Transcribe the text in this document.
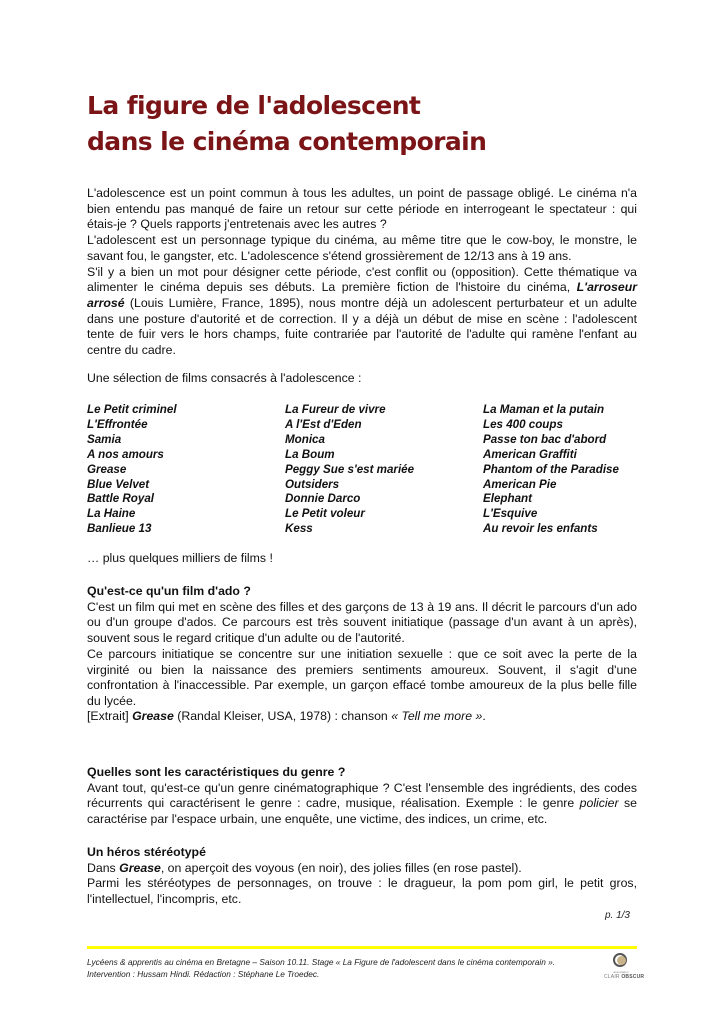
La figure de l'adolescent
dans le cinéma contemporain

L'adolescence est un point commun à tous les adultes, un point de passage obligé. Le cinéma n'a bien entendu pas manqué de faire un retour sur cette période en interrogeant le spectateur : qui étais-je ? Quels rapports j'entretenais avec les autres ?

L'adolescent est un personnage typique du cinéma, au même titre que le cow-boy, le monstre, le savant fou, le gangster, etc. L'adolescence s'étend grossièrement de 12/13 ans à 19 ans.

S'il y a bien un mot pour désigner cette période, c'est conflit ou (opposition). Cette thématique va alimenter le cinéma depuis ses débuts. La première fiction de l'histoire du cinéma, L'arroseur arrosé (Louis Lumière, France, 1895), nous montre déjà un adolescent perturbateur et un adulte dans une posture d'autorité et de correction. Il y a déjà un début de mise en scène : l'adolescent tente de fuir vers le hors champs, fuite contrariée par l'autorité de l'adulte qui ramène l'enfant au centre du cadre.

Une sélection de films consacrés à l'adolescence :
Le Petit criminel
L'Effrontée
Samia
A nos amours
Grease
Blue Velvet
Battle Royal
La Haine
Banlieue 13
La Fureur de vivre
A l'Est d'Eden
Monica
La Boum
Peggy Sue s'est mariée
Outsiders
Donnie Darco
Le Petit voleur
Kess
La Maman et la putain
Les 400 coups
Passe ton bac d'abord
American Graffiti
Phantom of the Paradise
American Pie
Elephant
L'Esquive
Au revoir les enfants
… plus quelques milliers de films !

Qu'est-ce qu'un film d'ado ?

C'est un film qui met en scène des filles et des garçons de 13 à 19 ans. Il décrit le parcours d'un ado ou d'un groupe d'ados. Ce parcours est très souvent initiatique (passage d'un avant à un après), souvent sous le regard critique d'un adulte ou de l'autorité.

Ce parcours initiatique se concentre sur une initiation sexuelle : que ce soit avec la perte de la virginité ou bien la naissance des premiers sentiments amoureux. Souvent, il s'agit d'une confrontation à l'inaccessible. Par exemple, un garçon effacé tombe amoureux de la plus belle fille du lycée.

[Extrait] Grease (Randal Kleiser, USA, 1978) : chanson « Tell me more ».

Quelles sont les caractéristiques du genre ?

Avant tout, qu'est-ce qu'un genre cinématographique ? C'est l'ensemble des ingrédients, des codes récurrents qui caractérisent le genre : cadre, musique, réalisation. Exemple : le genre policier se caractérise par l'espace urbain, une enquête, une victime, des indices, un crime, etc.

Un héros stéréotypé

Dans Grease, on aperçoit des voyous (en noir), des jolies filles (en rose pastel).

Parmi les stéréotypes de personnages, on trouve : le dragueur, la pom pom girl, le petit gros, l'intellectuel, l'incompris, etc.

p. 1/3
Lycéens & apprentis au cinéma en Bretagne – Saison 10.11. Stage « La Figure de l'adolescent dans le cinéma contemporain ».
Intervention : Hussam Hindi. Rédaction : Stéphane Le Troedec.	association
CLAIR OBSCUR
